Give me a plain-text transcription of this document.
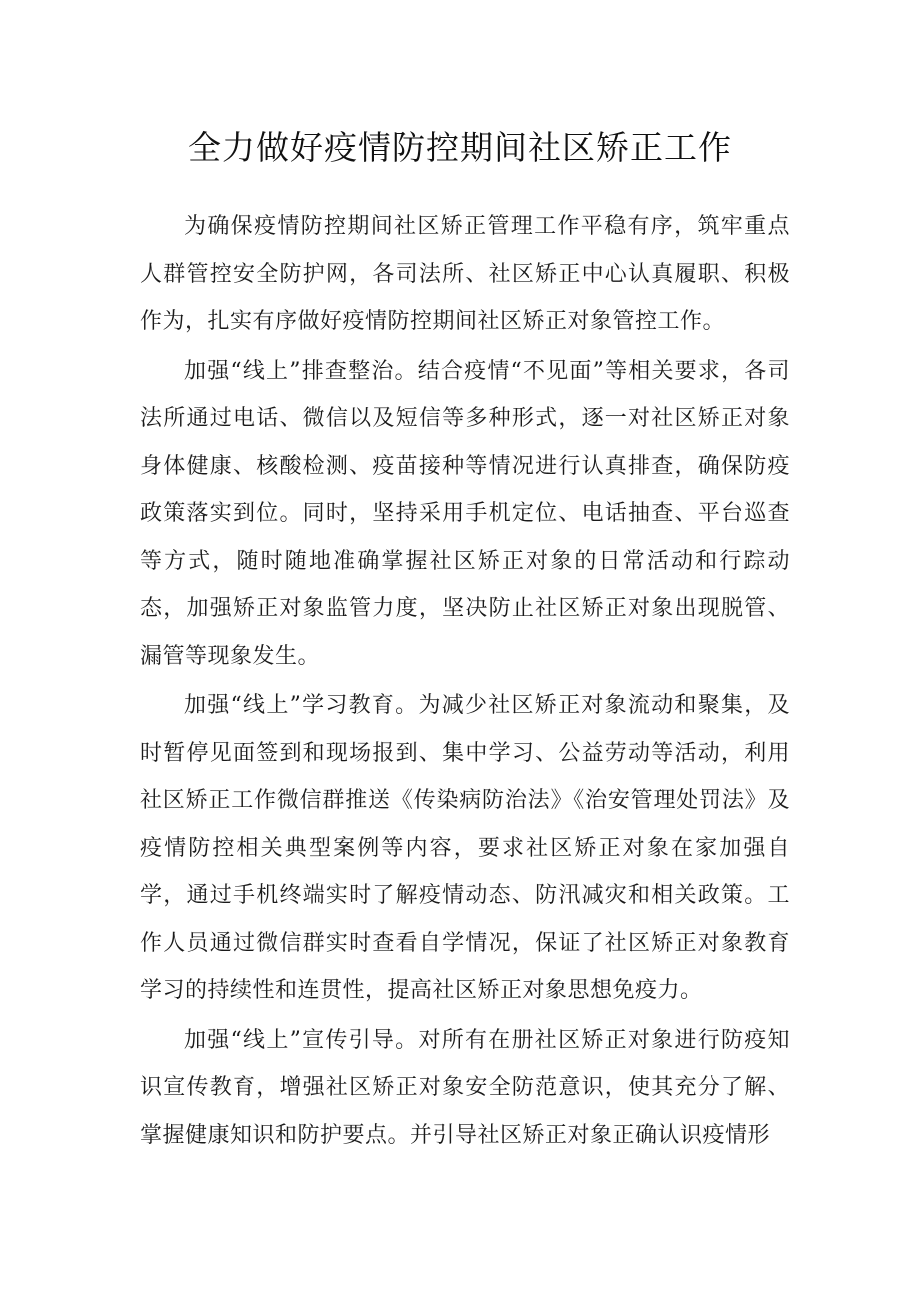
全力做好疫情防控期间社区矫正工作

为确保疫情防控期间社区矫正管理工作平稳有序，筑牢重点人群管控安全防护网，各司法所、社区矫正中心认真履职、积极作为，扎实有序做好疫情防控期间社区矫正对象管控工作。

加强“线上”排查整治。结合疫情“不见面”等相关要求，各司法所通过电话、微信以及短信等多种形式，逐一对社区矫正对象身体健康、核酸检测、疫苗接种等情况进行认真排查，确保防疫政策落实到位。同时，坚持采用手机定位、电话抽查、平台巡查等方式，随时随地准确掌握社区矫正对象的日常活动和行踪动态，加强矫正对象监管力度，坚决防止社区矫正对象出现脱管、漏管等现象发生。

加强“线上”学习教育。为减少社区矫正对象流动和聚集，及时暂停见面签到和现场报到、集中学习、公益劳动等活动，利用社区矫正工作微信群推送《传染病防治法》《治安管理处罚法》及疫情防控相关典型案例等内容，要求社区矫正对象在家加强自学，通过手机终端实时了解疫情动态、防汛减灾和相关政策。工作人员通过微信群实时查看自学情况，保证了社区矫正对象教育学习的持续性和连贯性，提高社区矫正对象思想免疫力。

加强“线上”宣传引导。对所有在册社区矫正对象进行防疫知识宣传教育，增强社区矫正对象安全防范意识，使其充分了解、掌握健康知识和防护要点。并引导社区矫正对象正确认识疫情形
